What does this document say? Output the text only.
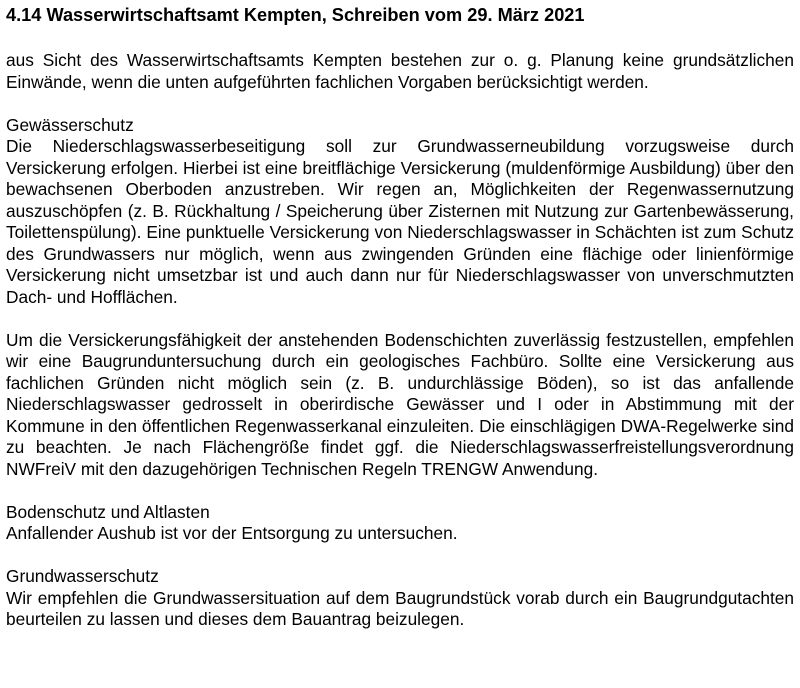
4.14 Wasserwirtschaftsamt Kempten, Schreiben vom 29. März 2021

aus Sicht des Wasserwirtschaftsamts Kempten bestehen zur o. g. Planung keine grundsätzlichen Einwände, wenn die unten aufgeführten fachlichen Vorgaben berücksichtigt werden.

Gewässerschutz

Die Niederschlagswasserbeseitigung soll zur Grundwasserneubildung vorzugsweise durch Versickerung erfolgen. Hierbei ist eine breitflächige Versickerung (muldenförmige Ausbildung) über den bewachsenen Oberboden anzustreben. Wir regen an, Möglichkeiten der Regenwassernutzung auszuschöpfen (z. B. Rückhaltung / Speicherung über Zisternen mit Nutzung zur Gartenbewässerung, Toilettenspülung). Eine punktuelle Versickerung von Niederschlagswasser in Schächten ist zum Schutz des Grundwassers nur möglich, wenn aus zwingenden Gründen eine flächige oder linienförmige Versickerung nicht umsetzbar ist und auch dann nur für Niederschlagswasser von unverschmutzten Dach- und Hofflächen.

Um die Versickerungsfähigkeit der anstehenden Bodenschichten zuverlässig festzustellen, empfehlen wir eine Baugrunduntersuchung durch ein geologisches Fachbüro. Sollte eine Versickerung aus fachlichen Gründen nicht möglich sein (z. B. undurchlässige Böden), so ist das anfallende Niederschlagswasser gedrosselt in oberirdische Gewässer und I oder in Abstimmung mit der Kommune in den öffentlichen Regenwasserkanal einzuleiten. Die einschlägigen DWA-Regelwerke sind zu beachten. Je nach Flächengröße findet ggf. die Niederschlagswasserfreistellungsverordnung NWFreiV mit den dazugehörigen Technischen Regeln TRENGW Anwendung.

Bodenschutz und Altlasten

Anfallender Aushub ist vor der Entsorgung zu untersuchen.

Grundwasserschutz

Wir empfehlen die Grundwassersituation auf dem Baugrundstück vorab durch ein Baugrundgutachten beurteilen zu lassen und dieses dem Bauantrag beizulegen.
